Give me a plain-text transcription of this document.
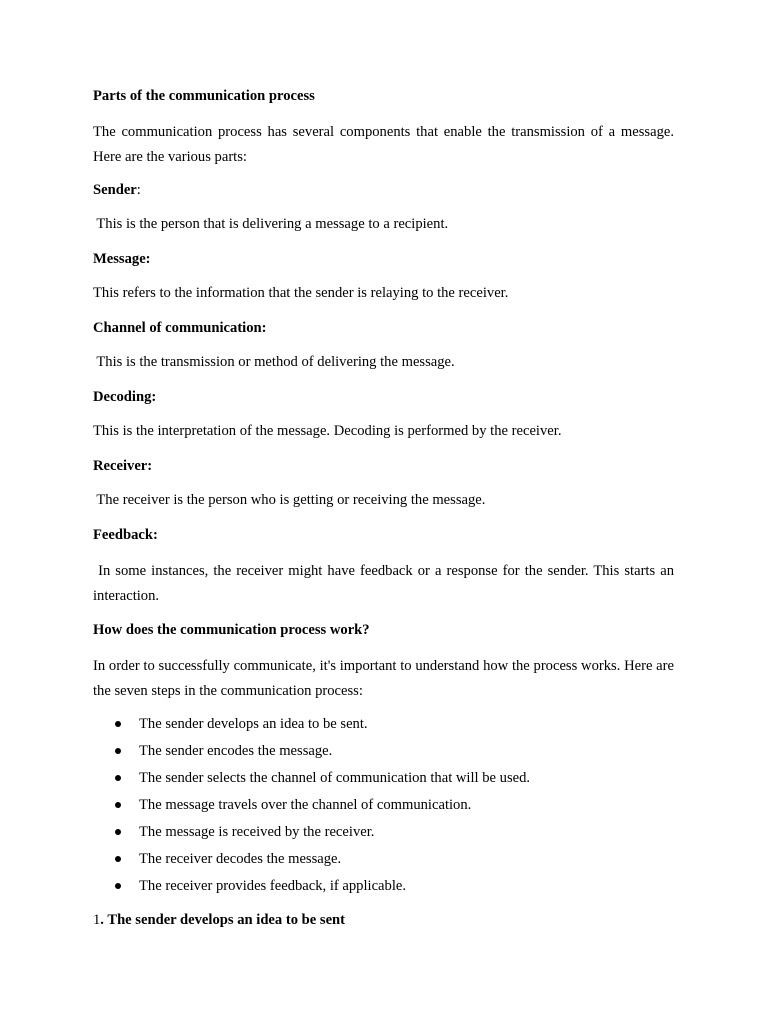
Parts of the communication process
The communication process has several components that enable the transmission of a message. Here are the various parts:
Sender:
This is the person that is delivering a message to a recipient.
Message:
This refers to the information that the sender is relaying to the receiver.
Channel of communication:
This is the transmission or method of delivering the message.
Decoding:
This is the interpretation of the message. Decoding is performed by the receiver.
Receiver:
The receiver is the person who is getting or receiving the message.
Feedback:
In some instances, the receiver might have feedback or a response for the sender. This starts an interaction.
How does the communication process work?
In order to successfully communicate, it's important to understand how the process works. Here are the seven steps in the communication process:
The sender develops an idea to be sent.
The sender encodes the message.
The sender selects the channel of communication that will be used.
The message travels over the channel of communication.
The message is received by the receiver.
The receiver decodes the message.
The receiver provides feedback, if applicable.
1. The sender develops an idea to be sent
